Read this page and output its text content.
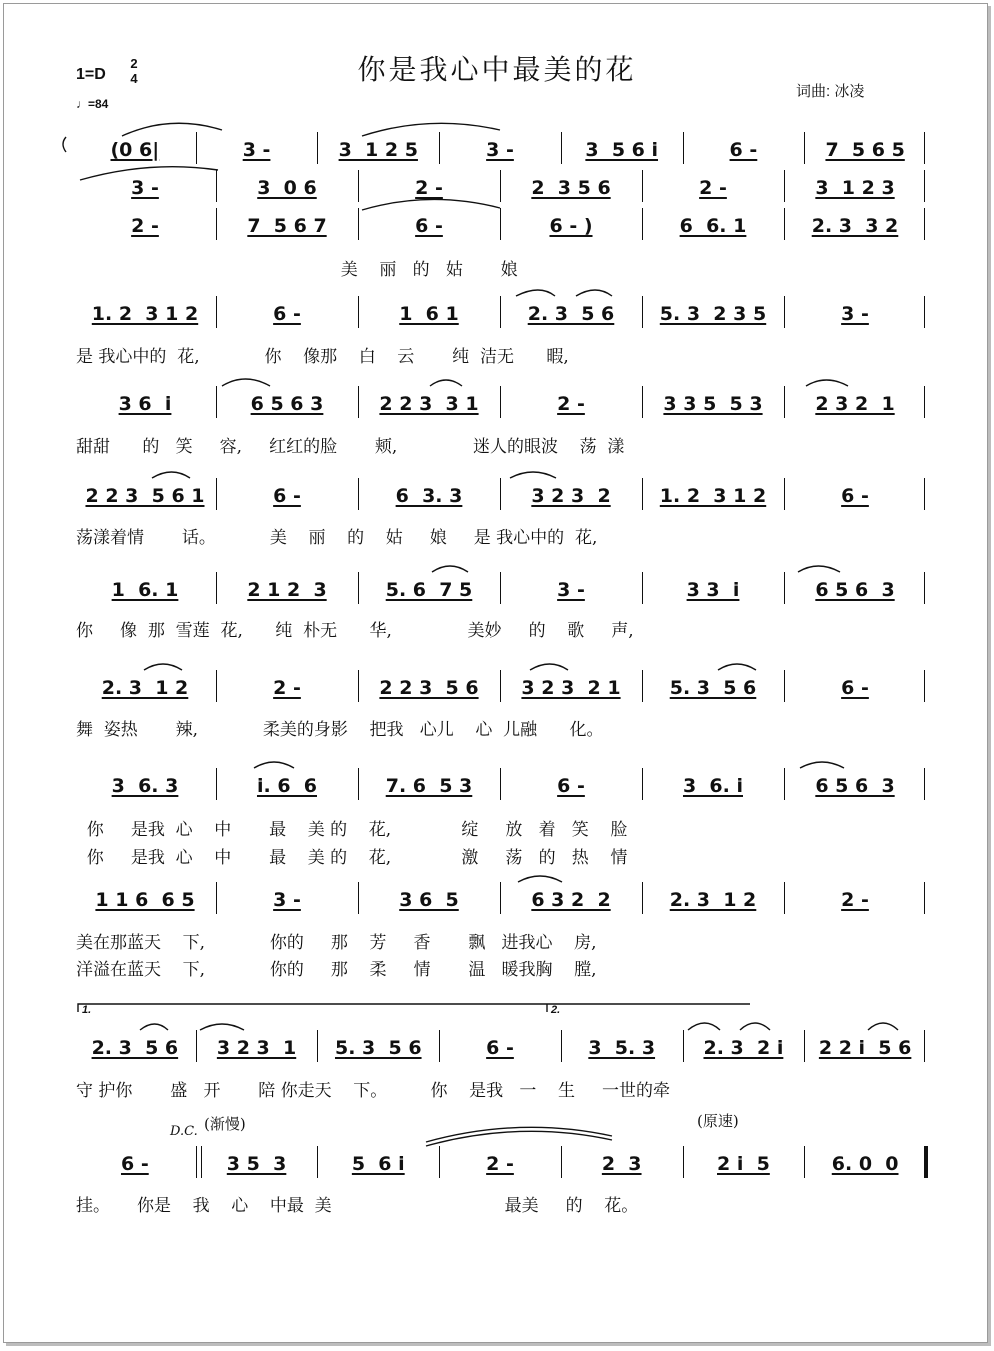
你是我心中最美的花
1=D
2
4
♩=84
词曲: 冰凌
(0 6|	3 -	3  1 2 5	3 -	3  5 6 i	6 -	7  5 6 5
3 -	3  0 6	2 -	2  3 5 6	2 -	3  1 2 3
2 -	7  5 6 7	6 -	6 - )	6  6. 1	2. 3  3 2
1. 2  3 1 2	6 -	1  6 1	2. 3  5 6 5. 3  2 3 5	3 -
3 6  i	6 5 6 3	2 2 3  3 1	2 -	3 3 5  5 3	2 3 2  1
2 2 3  5 6 1	6 -	6  3. 3	3 2 3  2	1. 2  3 1 2	6 -
1  6. 1	2 1 2  3	5. 6  7 5	3 -	3 3  i	6 5 6  3
2. 3  1 2	2 -	2 2 3  5 6 3 2 3  2 1	5. 3  5 6	6 -
3  6. 3	i. 6  6	7. 6  5 3	6 -	3  6. i	6 5 6  3
1 1 6  6 5	3 -	3 6  5	6 3 2  2	2. 3  1 2	2 -
2. 3  5 6 3 2 3  1 5. 3  5 6	6 -	3  5. 3	2. 3  2 i 2 2 i  5 6
6 -	3 5  3	5  6 i	2 -	2  3	2 i  5	6. 0  0
美    丽   的   姑       娘
是 我心中的  花,            你    像那    白    云       纯  洁无      暇,
甜甜      的   笑     容,     红红的脸       颊,              迷人的眼波    荡  漾
荡漾着情       话。          美    丽    的    姑     娘     是 我心中的  花,
你     像  那  雪莲  花,      纯  朴无      华,              美妙     的    歌     声,
舞  姿热       辣,            柔美的身影    把我   心儿    心  儿融      化。
你     是我  心    中       最    美 的    花,             绽     放   着   笑    脸
你     是我  心    中       最    美 的    花,             激     荡   的   热    情
美在那蓝天    下,            你的     那    芳     香       飘   进我心    房,
洋溢在蓝天    下,            你的     那    柔     情       温   暖我胸    膛,
守 护你       盛   开       陪 你走天    下。        你    是我   一    生     一世的牵
挂。     你是    我    心    中最  美                                最美     的    花。
D.C. (渐慢)	(原速)
1.	2.
